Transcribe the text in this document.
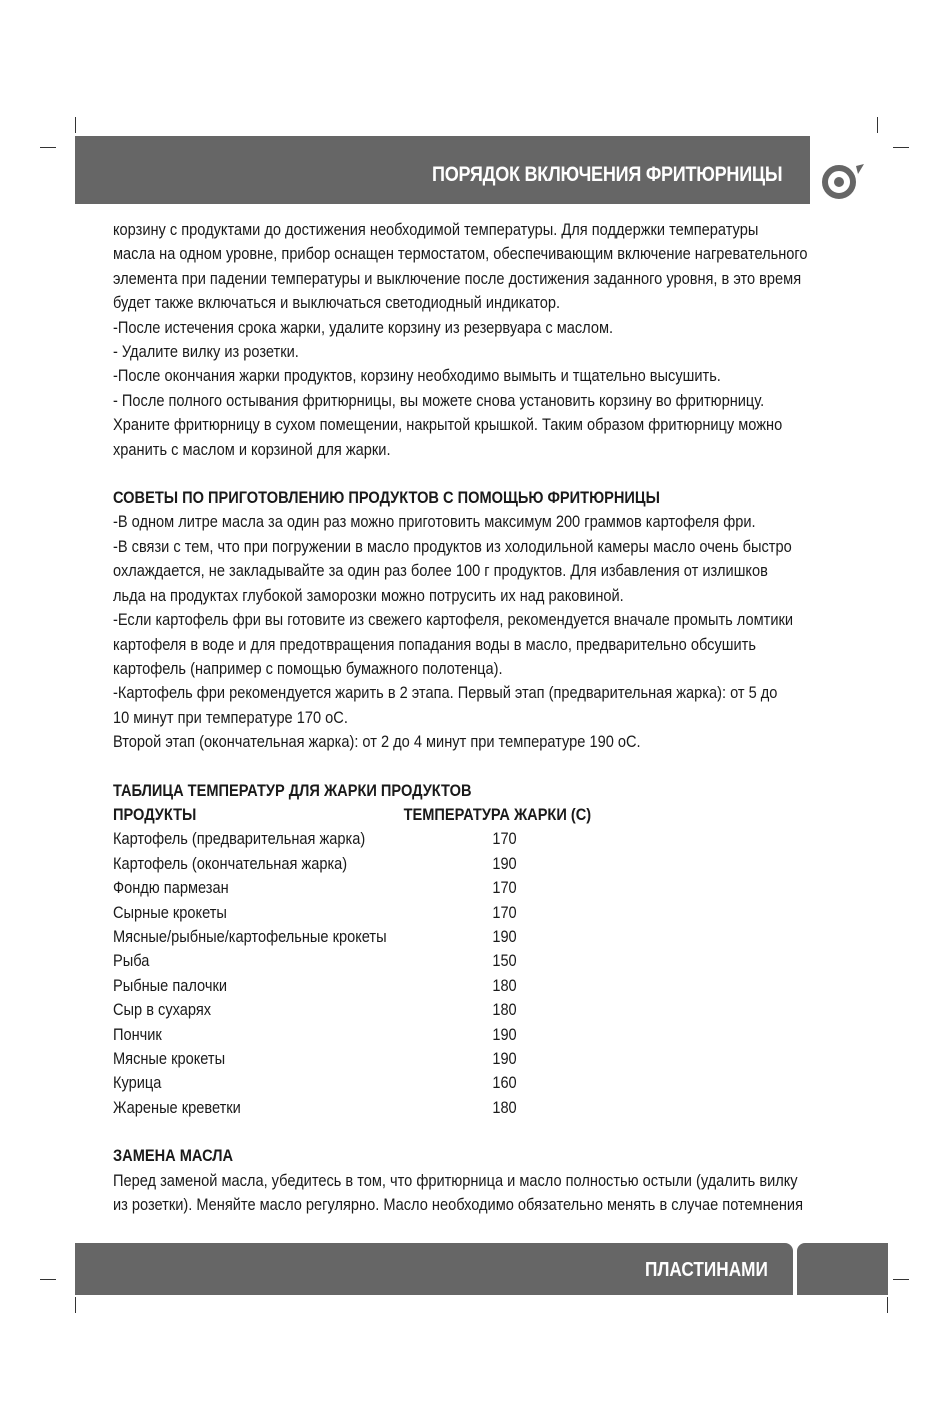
ПОРЯДОК ВКЛЮЧЕНИЯ ФРИТЮРНИЦЫ

корзину с продуктами до достижения необходимой температуры. Для поддержки температуры

масла на одном уровне, прибор оснащен термостатом, обеспечивающим включение нагревательного

элемента при падении температуры и выключение после достижения заданного уровня, в это время

будет также включаться и выключаться светодиодный индикатор.

-После истечения срока жарки, удалите корзину из резервуара с маслом.

- Удалите вилку из розетки.

-После окончания жарки продуктов, корзину необходимо вымыть и тщательно высушить.

- После полного остывания фритюрницы, вы можете снова установить корзину во фритюрницу.

Храните фритюрницу в сухом помещении, накрытой крышкой. Таким образом фритюрницу можно

хранить с маслом и корзиной для жарки.

СОВЕТЫ ПО ПРИГОТОВЛЕНИЮ ПРОДУКТОВ С ПОМОЩЬЮ ФРИТЮРНИЦЫ

-В одном литре масла за один раз можно приготовить максимум 200 граммов картофеля фри.

-В связи с тем, что при погружении в масло продуктов из холодильной камеры масло очень быстро

охлаждается, не закладывайте за один раз более 100 г продуктов. Для избавления от излишков

льда на продуктах глубокой заморозки можно потрусить их над раковиной.

-Если картофель фри вы готовите из свежего картофеля, рекомендуется вначале промыть ломтики

картофеля в воде и для предотвращения попадания воды в масло, предварительно обсушить

картофель (например с помощью бумажного полотенца).

-Картофель фри рекомендуется жарить в 2 этапа. Первый этап (предварительная жарка): от 5 до

10 минут при температуре 170 оС.

Второй этап (окончательная жарка): от 2 до 4 минут при температуре 190 оС.

ТАБЛИЦА ТЕМПЕРАТУР ДЛЯ ЖАРКИ ПРОДУКТОВ

ПРОДУКТЫ	ТЕМПЕРАТУРА ЖАРКИ (С)
Картофель (предварительная жарка)	170
Картофель (окончательная жарка)	190
Фондю пармезан	170
Сырные крокеты	170
Мясные/рыбные/картофельные крокеты	190
Рыба	150
Рыбные палочки	180
Сыр в сухарях	180
Пончик	190
Мясные крокеты	190
Курица	160
Жареные креветки	180

ЗАМЕНА МАСЛА

Перед заменой масла, убедитесь в том, что фритюрница и масло полностью остыли (удалить вилку

из розетки). Меняйте масло регулярно. Масло необходимо обязательно менять в случае потемнения

ПЛАСТИНАМИ
